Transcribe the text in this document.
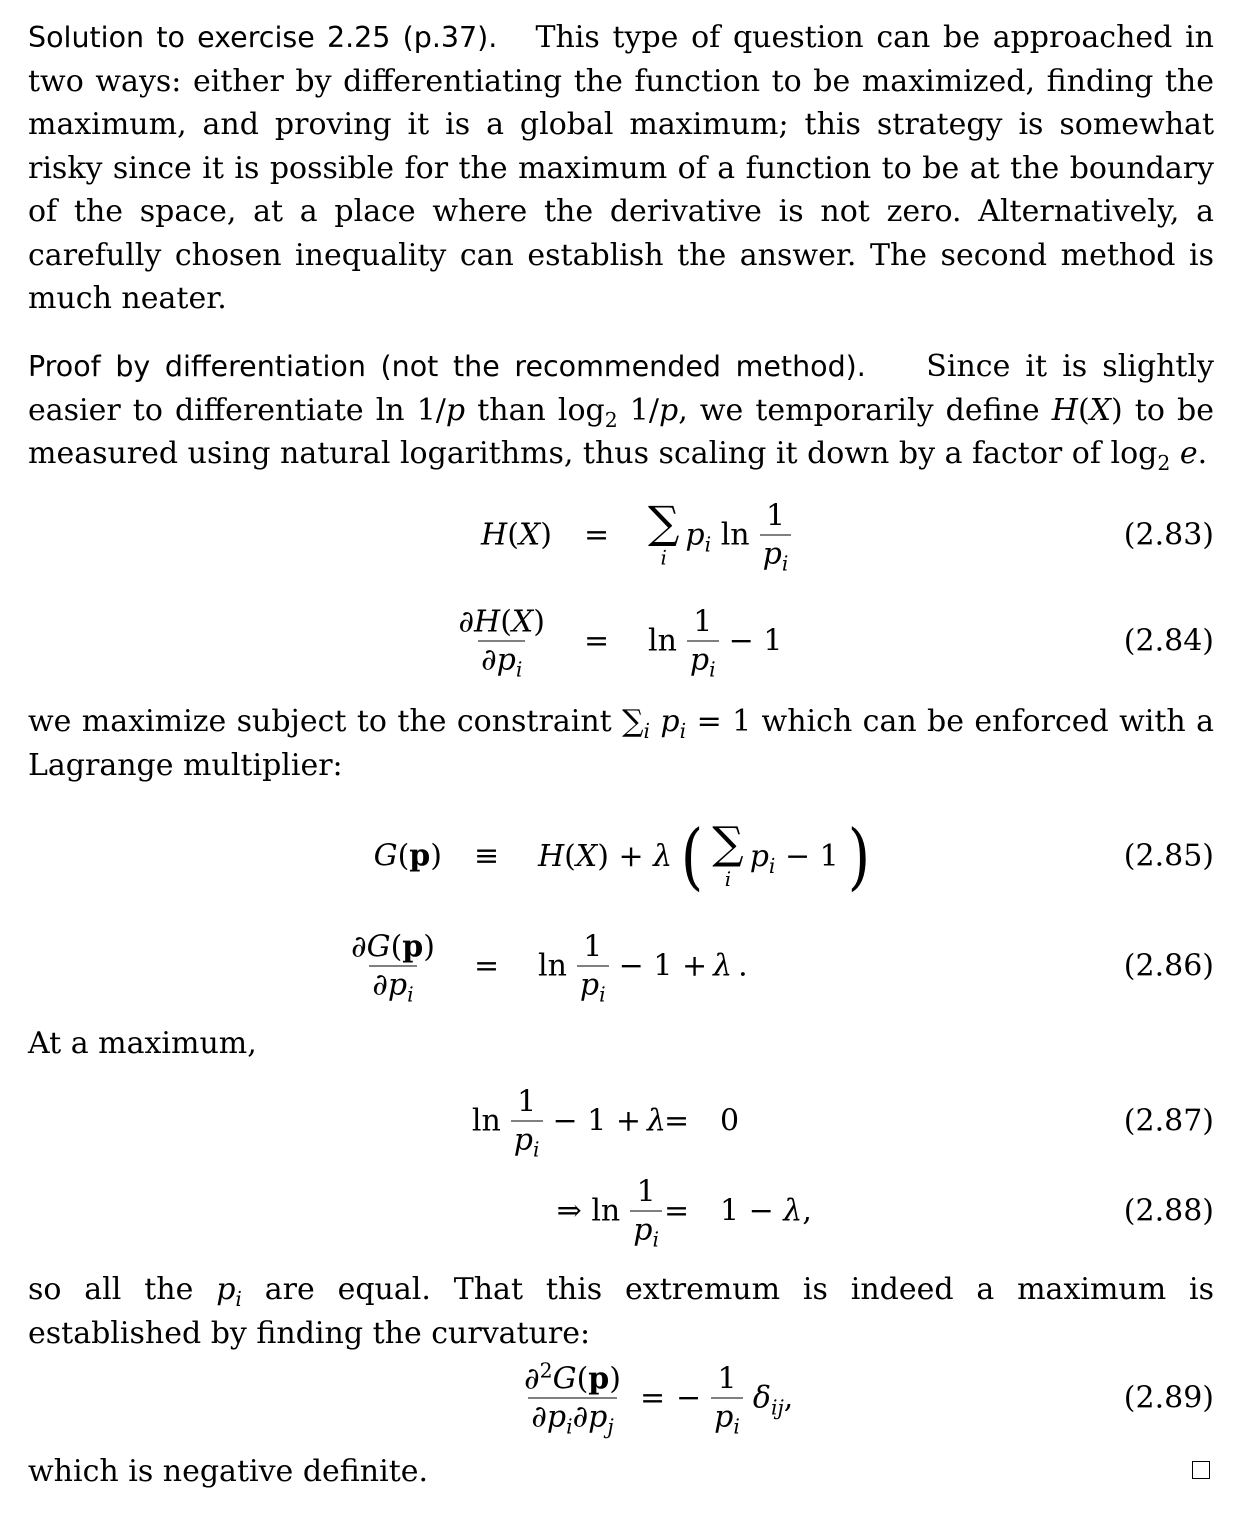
Solution to exercise 2.25 (p.37). This type of question can be approached in two ways: either by differentiating the function to be maximized, finding the maximum, and proving it is a global maximum; this strategy is somewhat risky since it is possible for the maximum of a function to be at the boundary of the space, at a place where the derivative is not zero. Alternatively, a carefully chosen inequality can establish the answer. The second method is much neater.

Proof by differentiation (not the recommended method). Since it is slightly easier to differentiate ln 1/p than $\log_2 1/p$, we temporarily define H(X) to be measured using natural logarithms, thus scaling it down by a factor of $\log_2 e$.

H(X) = ∑
i
$p_i$ $\ln \frac{1}{p_i}$	(2.83)
$\frac{\partial H(X)}{\partial p_i} = \ln \frac{1}{p_i} - 1$	(2.84)

we maximize subject to the constraint $\sum_i$ $p_i = 1$ which can be enforced with a Lagrange multiplier:

G(p) ≡ H(X) + λ ( ∑
i
$p_i - 1$ )	(2.85)
$\frac{\partial G(p)}{\partial p_i} = \ln \frac{1}{p_i} - 1 + \lambda$ .	(2.86)

At a maximum,

$\ln \frac{1}{p_i} - 1 + \lambda$
= 0	(2.87)
⇒ $\ln \frac{1}{p_i} = 1 - \lambda$,	(2.88)

so all the $p_i$ are equal. That this extremum is indeed a maximum is established by finding the curvature:

$\frac{\partial^2G(p)}{\partial p_i\partial p_j}$ = − $\frac{1}{p_i} \delta_{ij}$,	(2.89)

which is negative definite.
